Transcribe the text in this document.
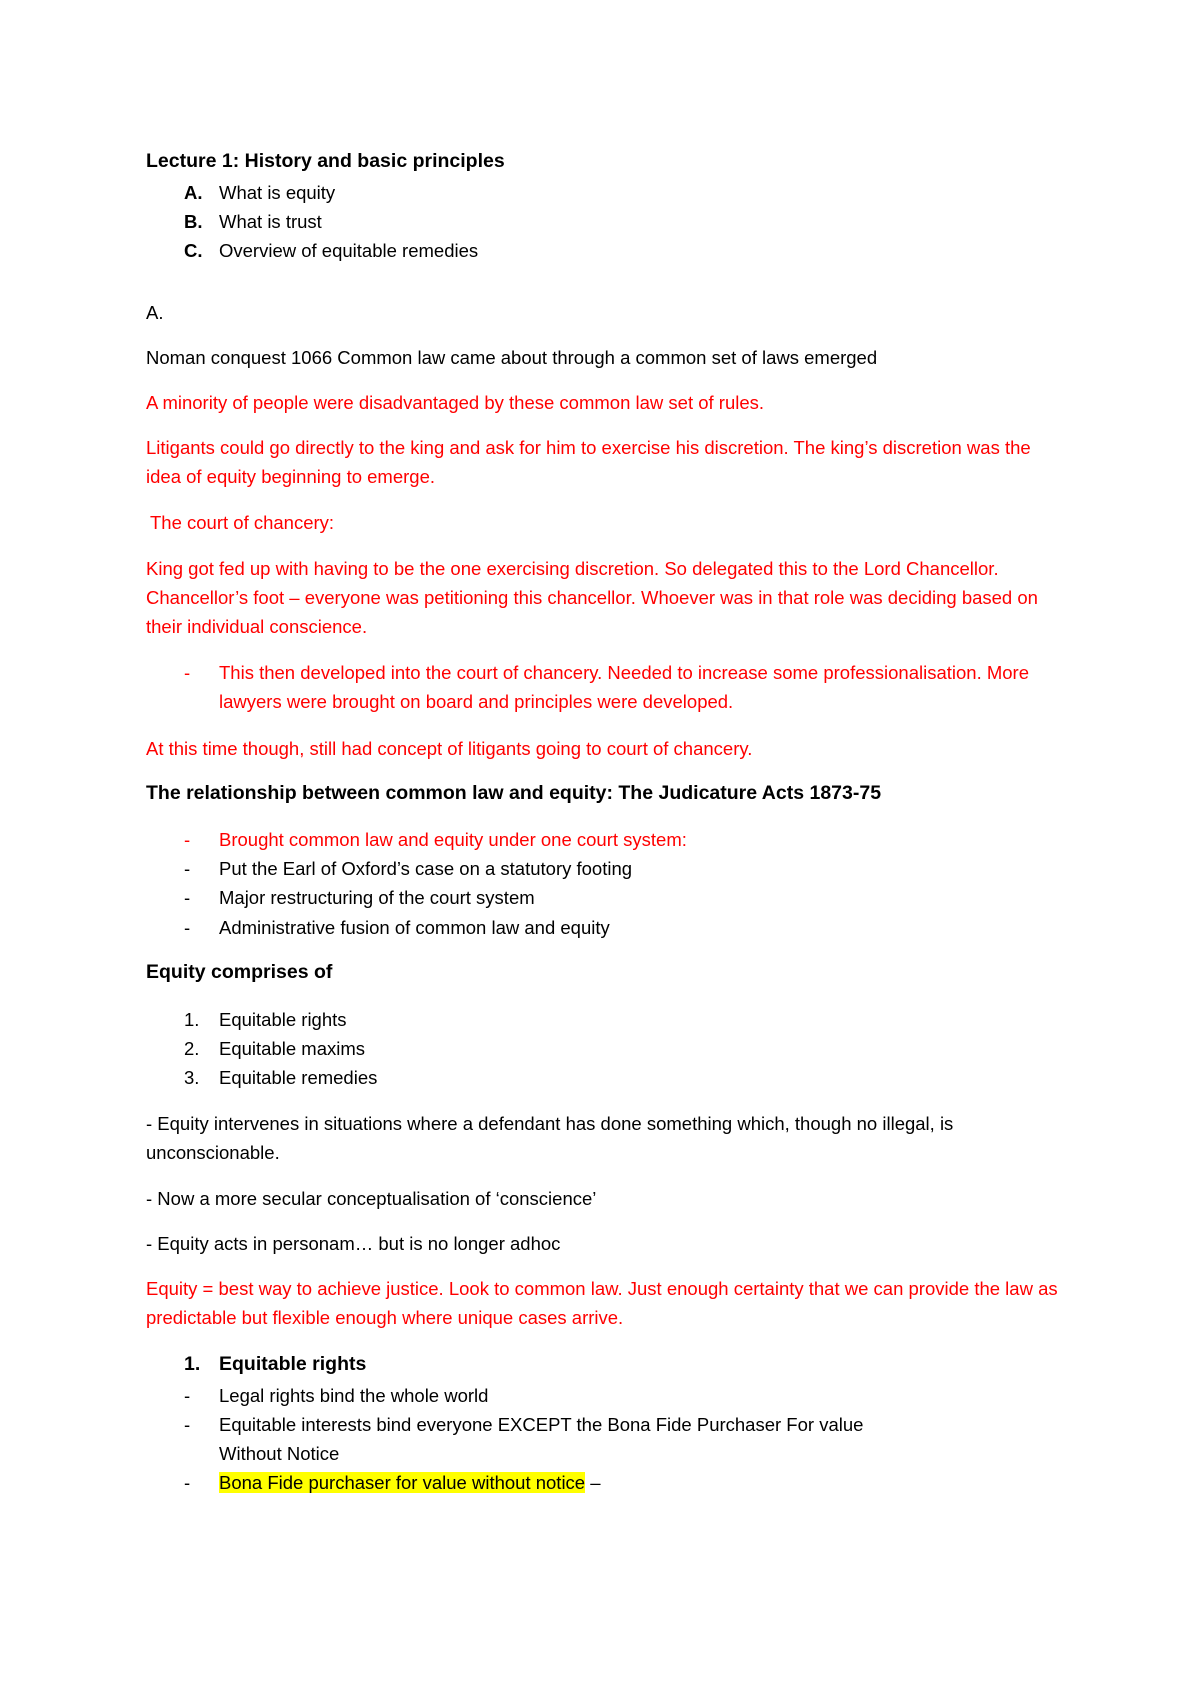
Lecture 1: History and basic principles
A. What is equity
B. What is trust
C. Overview of equitable remedies

A.

Noman conquest 1066 Common law came about through a common set of laws emerged

A minority of people were disadvantaged by these common law set of rules.

Litigants could go directly to the king and ask for him to exercise his discretion. The king’s discretion was the idea of equity beginning to emerge.

The court of chancery:

King got fed up with having to be the one exercising discretion. So delegated this to the Lord Chancellor. Chancellor’s foot – everyone was petitioning this chancellor. Whoever was in that role was deciding based on their individual conscience.

- This then developed into the court of chancery. Needed to increase some professionalisation. More lawyers were brought on board and principles were developed.

At this time though, still had concept of litigants going to court of chancery.

The relationship between common law and equity: The Judicature Acts 1873-75
- Brought common law and equity under one court system:
- Put the Earl of Oxford’s case on a statutory footing
- Major restructuring of the court system
- Administrative fusion of common law and equity
Equity comprises of
1. Equitable rights
2. Equitable maxims
3. Equitable remedies

- Equity intervenes in situations where a defendant has done something which, though no illegal, is unconscionable.

- Now a more secular conceptualisation of ‘conscience’

- Equity acts in personam… but is no longer adhoc

Equity = best way to achieve justice. Look to common law. Just enough certainty that we can provide the law as predictable but flexible enough where unique cases arrive.

1. Equitable rights
- Legal rights bind the whole world
- Equitable interests bind everyone EXCEPT the Bona Fide Purchaser For value Without Notice
- Bona Fide purchaser for value without notice –
